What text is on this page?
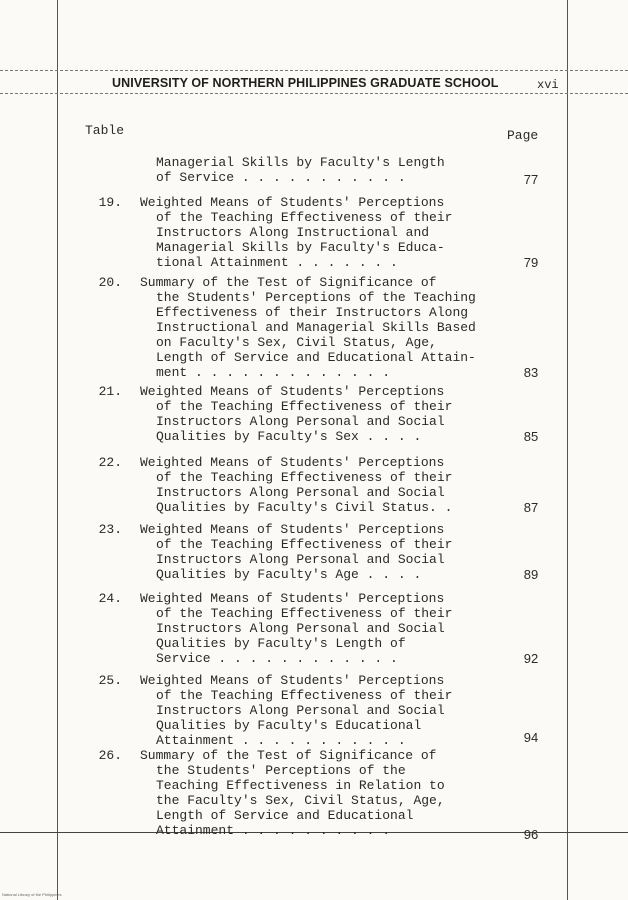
UNIVERSITY OF NORTHERN PHILIPPINES GRADUATE SCHOOL	xvi
Table	Page
Managerial Skills by Faculty's Length
of Service . . . . . . . . . . .	77
19. Weighted Means of Students' Perceptions
of the Teaching Effectiveness of their
Instructors Along Instructional and
Managerial Skills by Faculty's Educa-
tional Attainment . . . . . . .	79
20. Summary of the Test of Significance of
the Students' Perceptions of the Teaching
Effectiveness of their Instructors Along
Instructional and Managerial Skills Based
on Faculty's Sex, Civil Status, Age,
Length of Service and Educational Attain-
ment . . . . . . . . . . . . .	83
21. Weighted Means of Students' Perceptions
of the Teaching Effectiveness of their
Instructors Along Personal and Social
Qualities by Faculty's Sex . . . .	85
22. Weighted Means of Students' Perceptions
of the Teaching Effectiveness of their
Instructors Along Personal and Social
Qualities by Faculty's Civil Status. .	87
23. Weighted Means of Students' Perceptions
of the Teaching Effectiveness of their
Instructors Along Personal and Social
Qualities by Faculty's Age . . . .	89
24. Weighted Means of Students' Perceptions
of the Teaching Effectiveness of their
Instructors Along Personal and Social
Qualities by Faculty's Length of
Service . . . . . . . . . . . .	92
25. Weighted Means of Students' Perceptions
of the Teaching Effectiveness of their
Instructors Along Personal and Social
Qualities by Faculty's Educational
Attainment . . . . . . . . . . .	94
26. Summary of the Test of Significance of
the Students' Perceptions of the
Teaching Effectiveness in Relation to
the Faculty's Sex, Civil Status, Age,
Length of Service and Educational
Attainment . . . . . . . . . .	96
National Library of the Philippines
